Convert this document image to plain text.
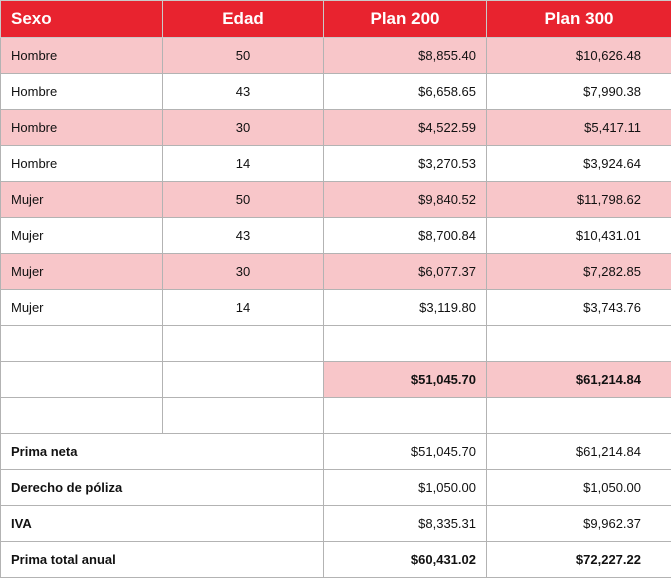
Sexo	Edad	Plan 200	Plan 300
Hombre	50	$8,855.40	$10,626.48
Hombre	43	$6,658.65	$7,990.38
Hombre	30	$4,522.59	$5,417.11
Hombre	14	$3,270.53	$3,924.64
Mujer	50	$9,840.52	$11,798.62
Mujer	43	$8,700.84	$10,431.01
Mujer	30	$6,077.37	$7,282.85
Mujer	14	$3,119.80	$3,743.76

		$51,045.70	$61,214.84

Prima neta		$51,045.70	$61,214.84
Derecho de póliza		$1,050.00	$1,050.00
IVA		$8,335.31	$9,962.37
Prima total anual		$60,431.02	$72,227.22
